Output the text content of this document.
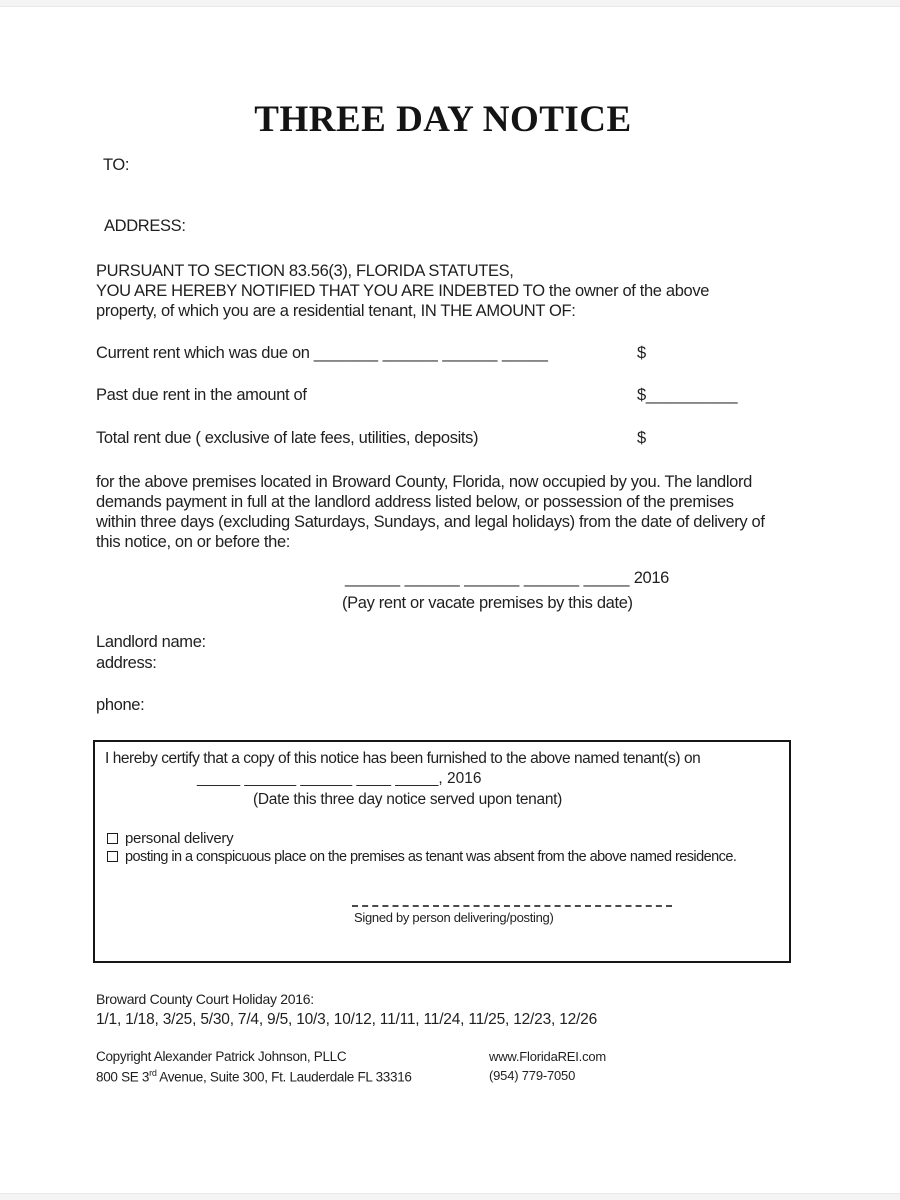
THREE DAY NOTICE
TO:
ADDRESS:
PURSUANT TO SECTION 83.56(3), FLORIDA STATUTES,
YOU ARE HEREBY NOTIFIED THAT YOU ARE INDEBTED TO the owner of the above
property, of which you are a residential tenant, IN THE AMOUNT OF:
Current rent which was due on _______ ______ ______ _____	$
Past due rent in the amount of	$__________
Total rent due ( exclusive of late fees, utilities, deposits)	$
for the above premises located in Broward County, Florida, now occupied by you. The landlord
demands payment in full at the landlord address listed below, or possession of the premises
within three days (excluding Saturdays, Sundays, and legal holidays) from the date of delivery of
this notice, on or before the:
______ ______ ______ ______ _____ 2016
(Pay rent or vacate premises by this date)
Landlord name:
address:
phone:
I hereby certify that a copy of this notice has been furnished to the above named tenant(s) on
_____ ______ ______ ____ _____, 2016
(Date this three day notice served upon tenant)
personal delivery
posting in a conspicuous place on the premises as tenant was absent from the above named residence.
Signed by person delivering/posting)
Broward County Court Holiday 2016:
1/1, 1/18, 3/25, 5/30, 7/4, 9/5, 10/3, 10/12, 11/11, 11/24, 11/25, 12/23, 12/26
Copyright Alexander Patrick Johnson, PLLC
800 SE 3rd Avenue, Suite 300, Ft. Lauderdale FL 33316
www.FloridaREI.com
(954) 779-7050
